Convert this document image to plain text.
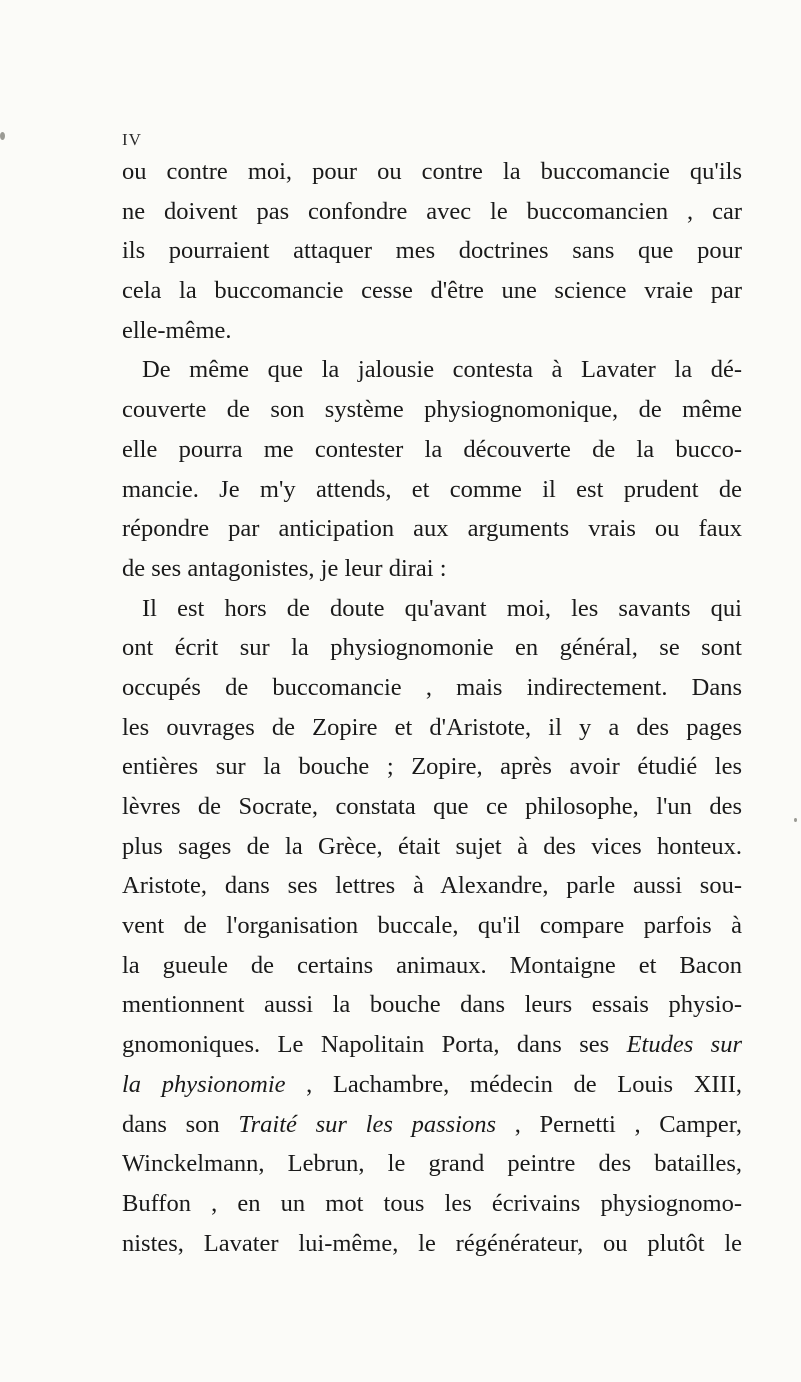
IV
ou contre moi, pour ou contre la buccomancie qu'ils
ne doivent pas confondre avec le buccomancien , car
ils pourraient attaquer mes doctrines sans que pour
cela la buccomancie cesse d'être une science vraie par
elle-même.
De même que la jalousie contesta à Lavater la dé-
couverte de son système physiognomonique, de même
elle pourra me contester la découverte de la bucco-
mancie. Je m'y attends, et comme il est prudent de
répondre par anticipation aux arguments vrais ou faux
de ses antagonistes, je leur dirai :
Il est hors de doute qu'avant moi, les savants qui
ont écrit sur la physiognomonie en général, se sont
occupés de buccomancie , mais indirectement. Dans
les ouvrages de Zopire et d'Aristote, il y a des pages
entières sur la bouche ; Zopire, après avoir étudié les
lèvres de Socrate, constata que ce philosophe, l'un des
plus sages de la Grèce, était sujet à des vices honteux.
Aristote, dans ses lettres à Alexandre, parle aussi sou-
vent de l'organisation buccale, qu'il compare parfois à
la gueule de certains animaux. Montaigne et Bacon
mentionnent aussi la bouche dans leurs essais physio-
gnomoniques. Le Napolitain Porta, dans ses Etudes sur
la physionomie , Lachambre, médecin de Louis XIII,
dans son Traité sur les passions , Pernetti , Camper,
Winckelmann, Lebrun, le grand peintre des batailles,
Buffon , en un mot tous les écrivains physiognomo-
nistes, Lavater lui-même, le régénérateur, ou plutôt le
